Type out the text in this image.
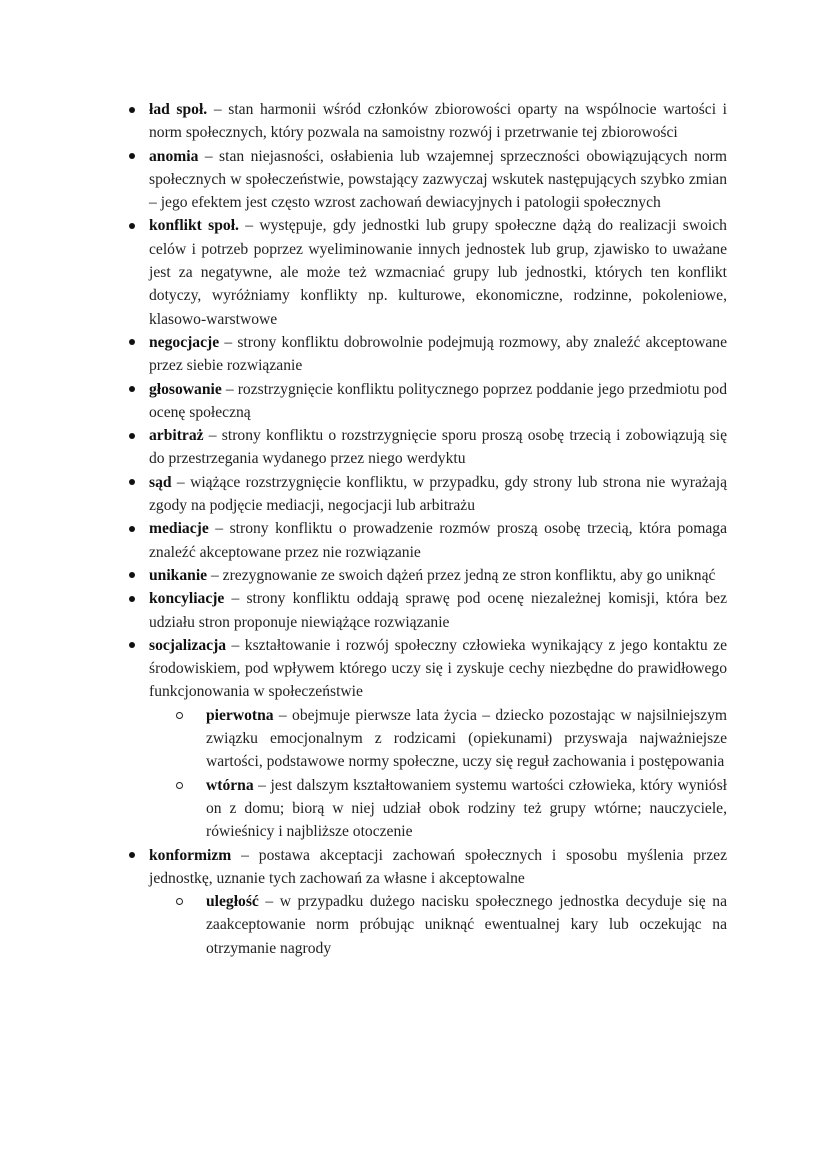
ład społ. – stan harmonii wśród członków zbiorowości oparty na wspólnocie wartości i norm społecznych, który pozwala na samoistny rozwój i przetrwanie tej zbiorowości
anomia – stan niejasności, osłabienia lub wzajemnej sprzeczności obowiązujących norm społecznych w społeczeństwie, powstający zazwyczaj wskutek następujących szybko zmian – jego efektem jest często wzrost zachowań dewiacyjnych i patologii społecznych
konflikt społ. – występuje, gdy jednostki lub grupy społeczne dążą do realizacji swoich celów i potrzeb poprzez wyeliminowanie innych jednostek lub grup, zjawisko to uważane jest za negatywne, ale może też wzmacniać grupy lub jednostki, których ten konflikt dotyczy, wyróżniamy konflikty np. kulturowe, ekonomiczne, rodzinne, pokoleniowe, klasowo-warstwowe
negocjacje – strony konfliktu dobrowolnie podejmują rozmowy, aby znaleźć akceptowane przez siebie rozwiązanie
głosowanie – rozstrzygnięcie konfliktu politycznego poprzez poddanie jego przedmiotu pod ocenę społeczną
arbitraż – strony konfliktu o rozstrzygnięcie sporu proszą osobę trzecią i zobowiązują się do przestrzegania wydanego przez niego werdyktu
sąd – wiążące rozstrzygnięcie konfliktu, w przypadku, gdy strony lub strona nie wyrażają zgody na podjęcie mediacji, negocjacji lub arbitrażu
mediacje – strony konfliktu o prowadzenie rozmów proszą osobę trzecią, która pomaga znaleźć akceptowane przez nie rozwiązanie
unikanie – zrezygnowanie ze swoich dążeń przez jedną ze stron konfliktu, aby go uniknąć
koncyliacje – strony konfliktu oddają sprawę pod ocenę niezależnej komisji, która bez udziału stron proponuje niewiążące rozwiązanie
socjalizacja – kształtowanie i rozwój społeczny człowieka wynikający z jego kontaktu ze środowiskiem, pod wpływem którego uczy się i zyskuje cechy niezbędne do prawidłowego funkcjonowania w społeczeństwie
pierwotna – obejmuje pierwsze lata życia – dziecko pozostając w najsilniejszym związku emocjonalnym z rodzicami (opiekunami) przyswaja najważniejsze wartości, podstawowe normy społeczne, uczy się reguł zachowania i postępowania
wtórna – jest dalszym kształtowaniem systemu wartości człowieka, który wyniósł on z domu; biorą w niej udział obok rodziny też grupy wtórne; nauczyciele, rówieśnicy i najbliższe otoczenie
konformizm – postawa akceptacji zachowań społecznych i sposobu myślenia przez jednostkę, uznanie tych zachowań za własne i akceptowalne
uległość – w przypadku dużego nacisku społecznego jednostka decyduje się na zaakceptowanie norm próbując uniknąć ewentualnej kary lub oczekując na otrzymanie nagrody
